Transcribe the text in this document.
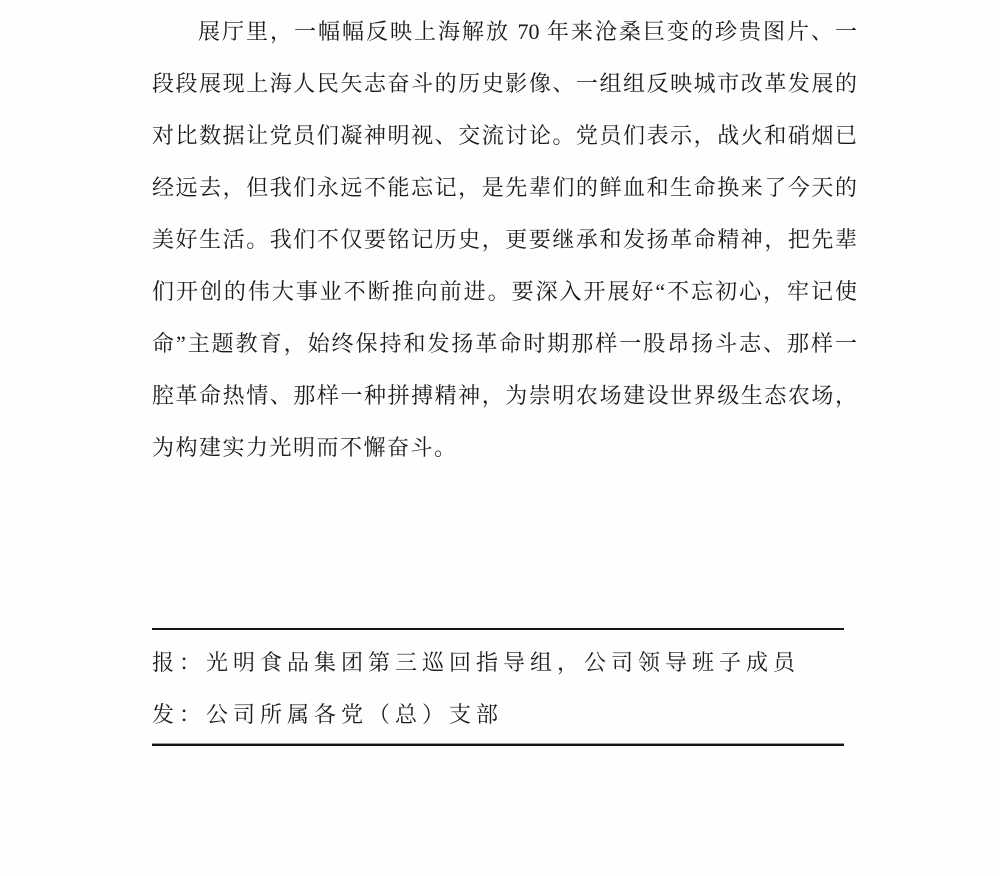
展厅里，一幅幅反映上海解放 70 年来沧桑巨变的珍贵图片、一
段段展现上海人民矢志奋斗的历史影像、一组组反映城市改革发展的
对比数据让党员们凝神明视、交流讨论。党员们表示，战火和硝烟已
经远去，但我们永远不能忘记，是先辈们的鲜血和生命换来了今天的
美好生活。我们不仅要铭记历史，更要继承和发扬革命精神，把先辈
们开创的伟大事业不断推向前进。要深入开展好“不忘初心，牢记使
命”主题教育，始终保持和发扬革命时期那样一股昂扬斗志、那样一
腔革命热情、那样一种拼搏精神，为崇明农场建设世界级生态农场，
为构建实力光明而不懈奋斗。
报：光明食品集团第三巡回指导组，公司领导班子成员
发：公司所属各党（总）支部
